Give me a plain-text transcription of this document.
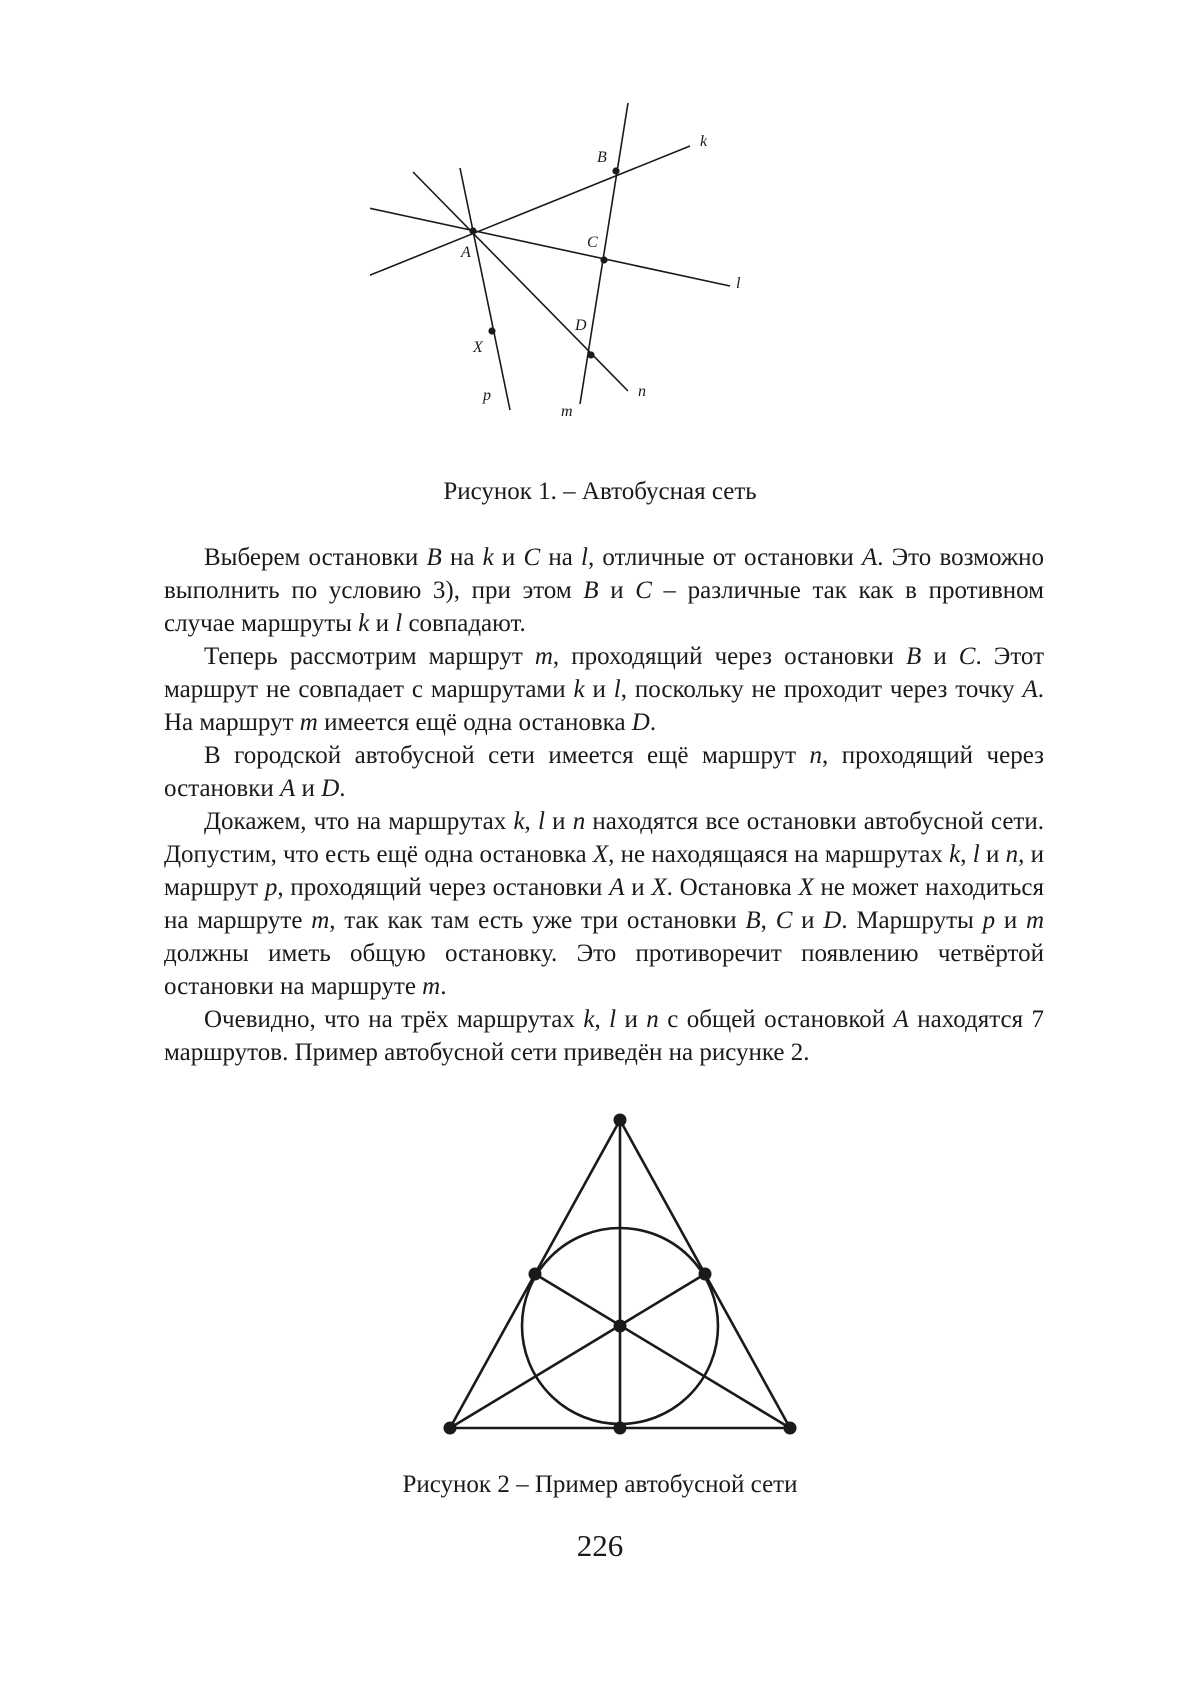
A
B
C
D
X
k
l
m
n
p
Рисунок 1. – Автобусная сеть

Выберем остановки B на k и C на l, отличные от остановки A. Это возможно выполнить по условию 3), при этом B и C – различные так как в противном случае маршруты k и l совпадают.

Теперь рассмотрим маршрут m, проходящий через остановки B и C. Этот маршрут не совпадает с маршрутами k и l, поскольку не проходит через точку A. На маршрут m имеется ещё одна остановка D.

В городской автобусной сети имеется ещё маршрут n, проходящий через остановки A и D.

Докажем, что на маршрутах k, l и n находятся все остановки автобусной сети. Допустим, что есть ещё одна остановка X, не находящаяся на маршрутах k, l и n, и маршрут p, проходящий через остановки A и X. Остановка X не может находиться на маршруте m, так как там есть уже три остановки B, C и D. Маршруты p и m должны иметь общую остановку. Это противоречит появлению четвёртой остановки на маршруте m.

Очевидно, что на трёх маршрутах k, l и n с общей остановкой A находятся 7 маршрутов. Пример автобусной сети приведён на рисунке 2.

Рисунок 2 – Пример автобусной сети
226
